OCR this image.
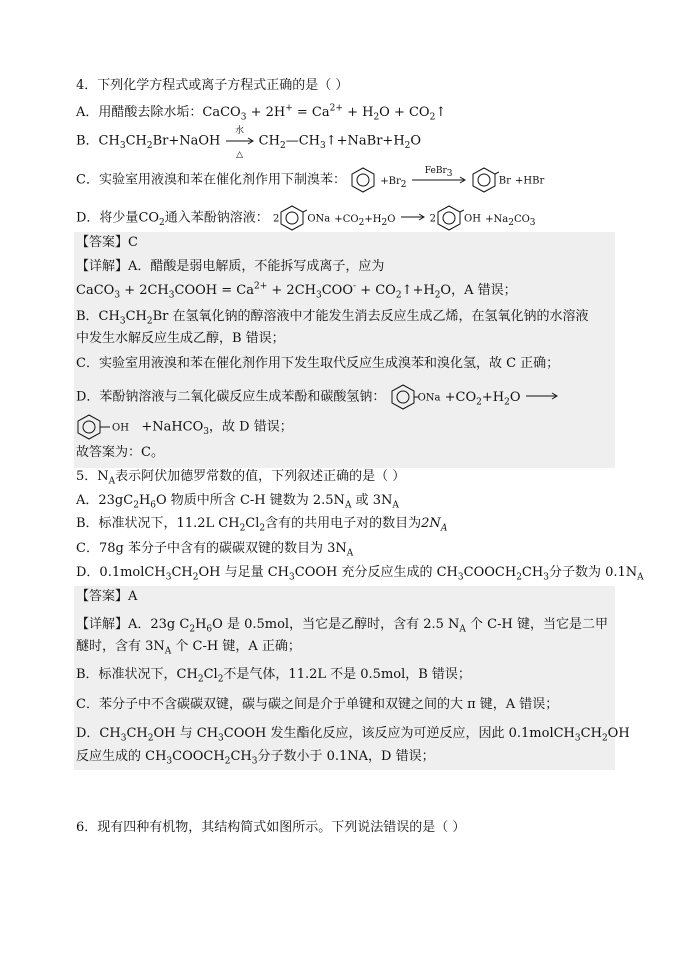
4．下列化学方程式或离子方程式正确的是（ ）
A．用醋酸去除水垢：CaCO$_3$ + $2H^+ = Ca^{2+} + H_2O$ + $CO_2↑$
B．$CH_3CH_2Br+NaOH$
水
△
$CH_2—CH_3↑+NaBr+H_2O$
C．实验室用液溴和苯在催化剂作用下制溴苯：	$+Br_2$
FeBr$_3$
Br +HBr
D．将少量$CO_2$通入苯酚钠溶液： 2	ONa $+CO_2+H_2O$	2	OH $+Na_2CO_3$
【答案】C
【详解】A．醋酸是弱电解质，不能拆写成离子，应为
CaCO$_3$ + $2CH_3COOH = Ca^{2+} + 2CH_3COO^-$ + $CO_2↑+H_2O$，A 错误；
B．$CH_3CH_2Br$ 在氢氧化钠的醇溶液中才能发生消去反应生成乙烯，在氢氧化钠的水溶液
中发生水解反应生成乙醇，B 错误；
C．实验室用液溴和苯在催化剂作用下发生取代反应生成溴苯和溴化氢，故 C 正确；
D．苯酚钠溶液与二氧化碳反应生成苯酚和碳酸氢钠：	ONa $+CO_2+H_2O$
OH +NaHCO$_3$，故 D 错误；
故答案为：C。
5．$N_A$表示阿伏加德罗常数的值，下列叙述正确的是（ ）
A．$23gC_2H_6O$ 物质中所含 C-H 键数为 $2.5N_A$ 或 $3N_A$
B．标准状况下，11.2L $CH_2Cl_2$含有的共用电子对的数目为$2N_A$
C．78g 苯分子中含有的碳碳双键的数目为 $3N_A$
D．$0.1molCH_3CH_2OH$ 与足量 $CH_3COOH$ 充分反应生成的 $CH_3COOCH_2CH_3$分子数为 $0.1N_A$
【答案】A
【详解】A．23g $C_2H_6O$ 是 0.5mol，当它是乙醇时，含有 2.5 $N_A$ 个 C-H 键，当它是二甲
醚时，含有 $3N_A$ 个 C-H 键，A 正确；
B．标准状况下，$CH_2Cl_2$不是气体，11.2L 不是 0.5mol，B 错误；
C．苯分子中不含碳碳双键，碳与碳之间是介于单键和双键之间的大 π 键，A 错误；
D．$CH_3CH_2OH$ 与 $CH_3COOH$ 发生酯化反应，该反应为可逆反应，因此 $0.1molCH_3CH_2OH$
反应生成的 $CH_3COOCH_2CH_3$分子数小于 0.1NA，D 错误；
6．现有四种有机物，其结构简式如图所示。下列说法错误的是（ ）
